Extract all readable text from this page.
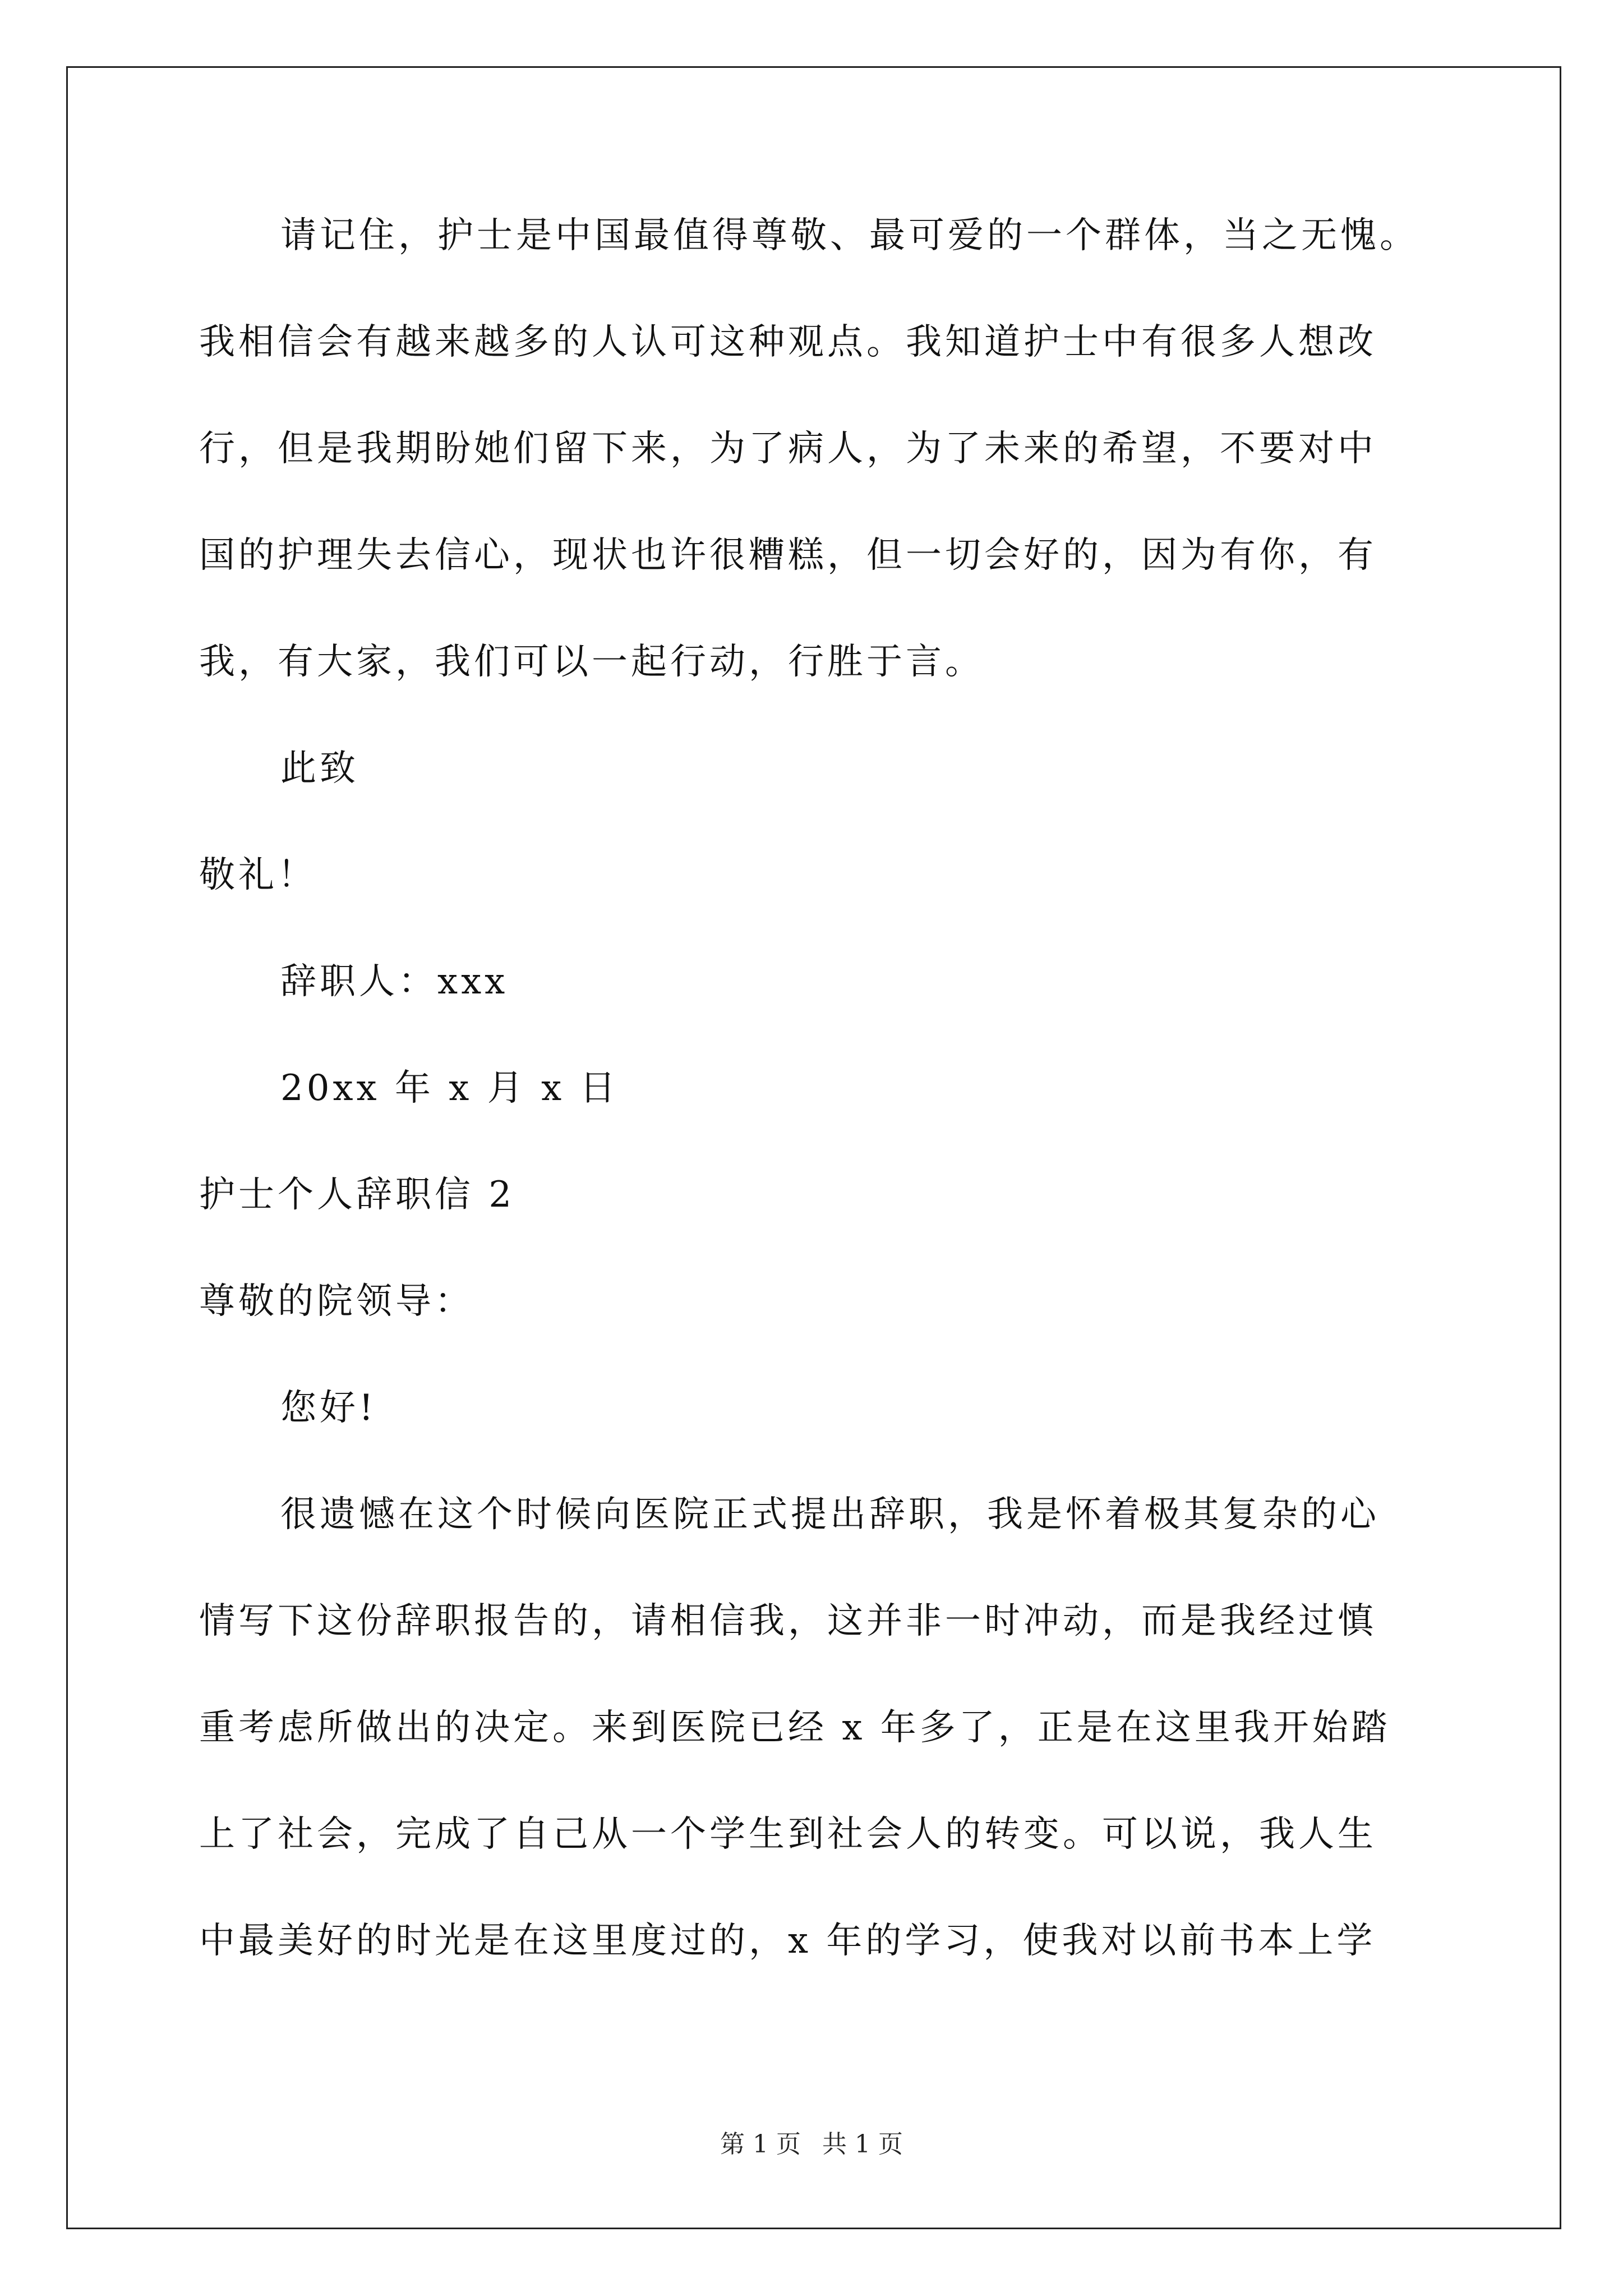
请记住，护士是中国最值得尊敬、最可爱的一个群体，当之无愧。
我相信会有越来越多的人认可这种观点。我知道护士中有很多人想改
行，但是我期盼她们留下来，为了病人，为了未来的希望，不要对中
国的护理失去信心，现状也许很糟糕，但一切会好的，因为有你，有
我，有大家，我们可以一起行动，行胜于言。
此致
敬礼！
辞职人：xxx
20xx 年 x 月 x 日
护士个人辞职信 2
尊敬的院领导：
您好!
很遗憾在这个时候向医院正式提出辞职，我是怀着极其复杂的心
情写下这份辞职报告的，请相信我，这并非一时冲动，而是我经过慎
重考虑所做出的决定。来到医院已经 x 年多了，正是在这里我开始踏
上了社会，完成了自己从一个学生到社会人的转变。可以说，我人生
中最美好的时光是在这里度过的，x 年的学习，使我对以前书本上学
第 1 页 共 1 页
